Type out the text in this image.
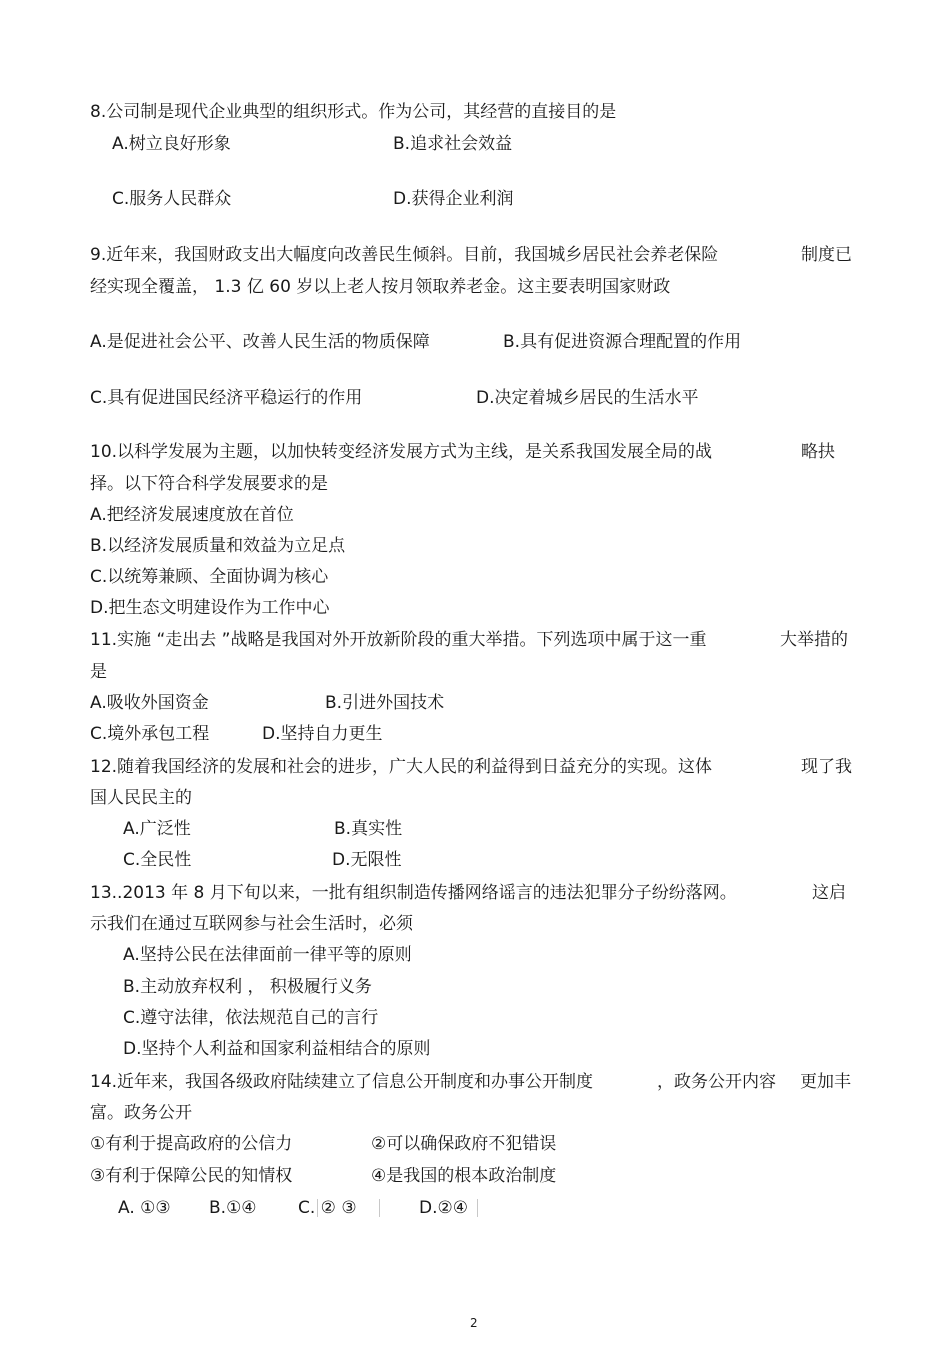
8.公司制是现代企业典型的组织形式。作为公司，其经营的直接目的是
A.树立良好形象	B.追求社会效益
C.服务人民群众	D.获得企业利润
9.近年来，我国财政支出大幅度向改善民生倾斜。目前，我国城乡居民社会养老保险	制度已
经实现全覆盖， 1.3 亿 60 岁以上老人按月领取养老金。这主要表明国家财政
A.是促进社会公平、改善人民生活的物质保障	B.具有促进资源合理配置的作用
C.具有促进国民经济平稳运行的作用	D.决定着城乡居民的生活水平
10.以科学发展为主题，以加快转变经济发展方式为主线，是关系我国发展全局的战	略抉
择。以下符合科学发展要求的是
A.把经济发展速度放在首位
B.以经济发展质量和效益为立足点
C.以统筹兼顾、全面协调为核心
D.把生态文明建设作为工作中心
11.实施 “走出去 ”战略是我国对外开放新阶段的重大举措。下列选项中属于这一重	大举措的
是
A.吸收外国资金	B.引进外国技术
C.境外承包工程	D.坚持自力更生
12.随着我国经济的发展和社会的进步，广大人民的利益得到日益充分的实现。这体	现了我
国人民民主的
A.广泛性	B.真实性
C.全民性	D.无限性
13..2013 年 8 月下旬以来，一批有组织制造传播网络谣言的违法犯罪分子纷纷落网。	这启
示我们在通过互联网参与社会生活时，必须
A.坚持公民在法律面前一律平等的原则
B.主动放弃权利 ， 积极履行义务
C.遵守法律，依法规范自己的言行
D.坚持个人利益和国家利益相结合的原则
14.近年来，我国各级政府陆续建立了信息公开制度和办事公开制度	，政务公开内容 更加丰
富。政务公开
①有利于提高政府的公信力	②可以确保政府不犯错误
③有利于保障公民的知情权	④是我国的根本政治制度
A. ①③ B.①④ C. ② ③	D.②④
2
